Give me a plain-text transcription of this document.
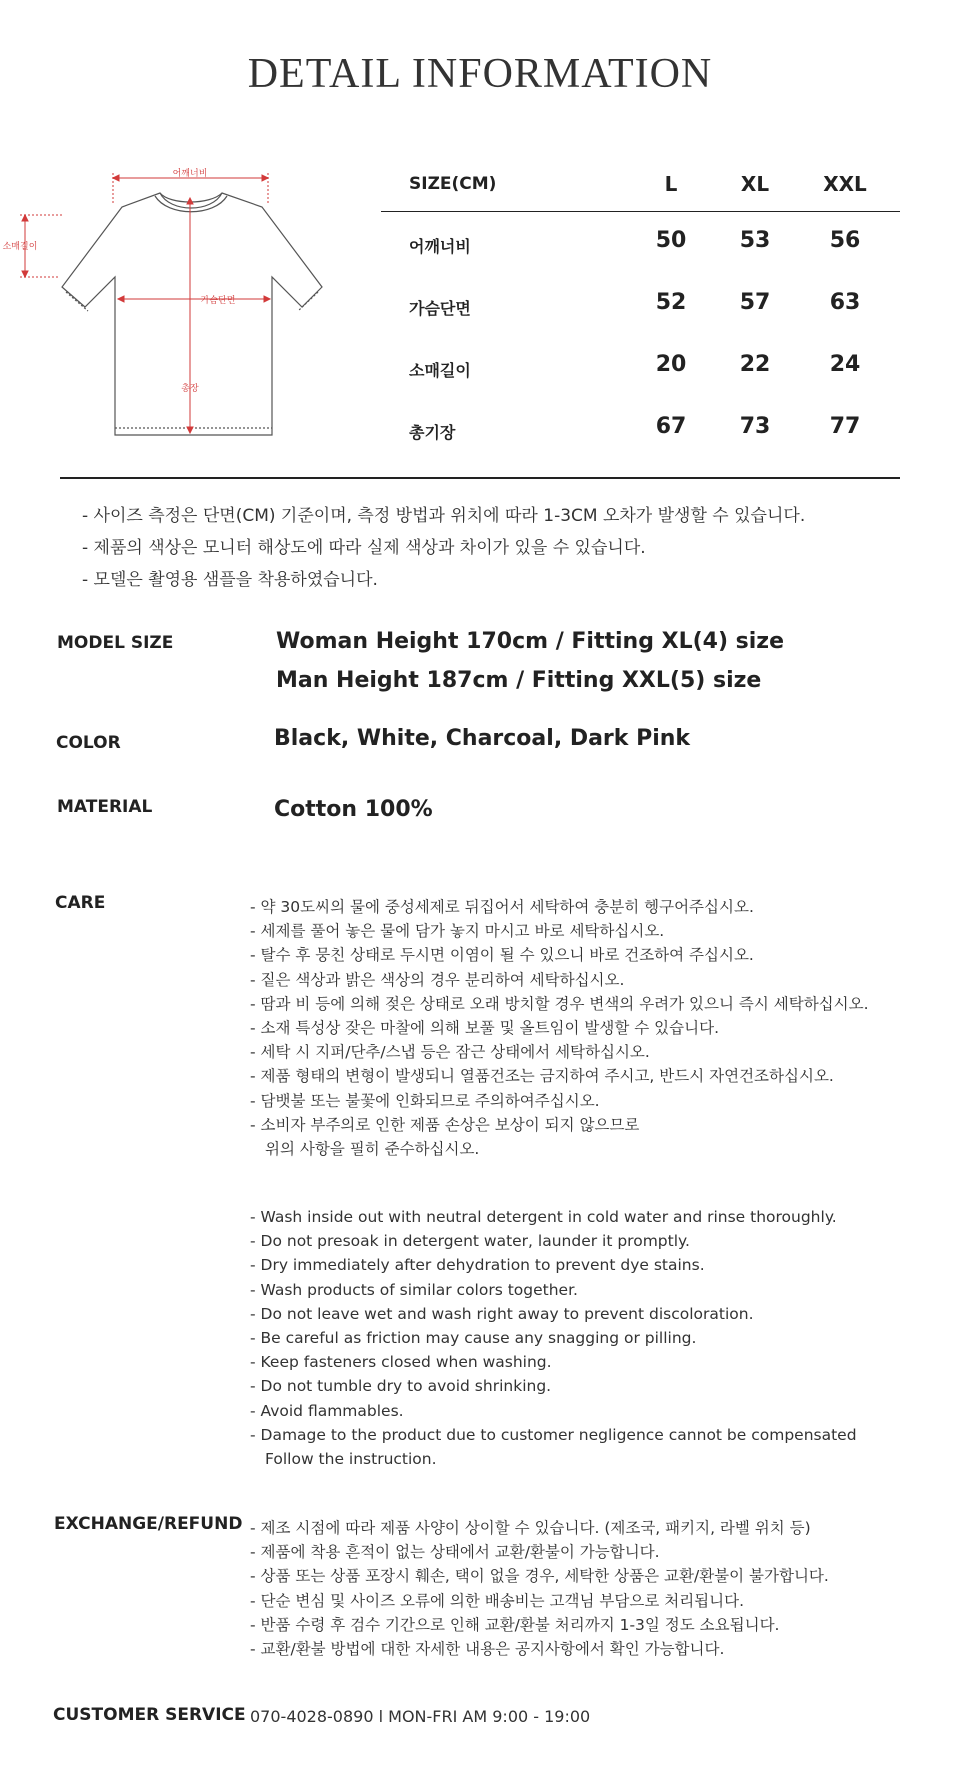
DETAIL INFORMATION
어깨너비
소매길이
가슴단면
총장
SIZE(CM)	L	XL	XXL
어깨너비	50	53	56
가슴단면	52	57	63
소매길이	20	22	24
총기장	67	73	77
- 사이즈 측정은 단면(CM) 기준이며, 측정 방법과 위치에 따라 1-3CM 오차가 발생할 수 있습니다.
- 제품의 색상은 모니터 해상도에 따라 실제 색상과 차이가 있을 수 있습니다.
- 모델은 촬영용 샘플을 착용하였습니다.
MODEL SIZE	Woman Height 170cm / Fitting XL(4) size
Man Height 187cm / Fitting XXL(5) size
COLOR	Black, White, Charcoal, Dark Pink
MATERIAL	Cotton 100%
CARE	- 약 30도씨의 물에 중성세제로 뒤집어서 세탁하여 충분히 헹구어주십시오.
- 세제를 풀어 놓은 물에 담가 놓지 마시고 바로 세탁하십시오.
- 탈수 후 뭉친 상태로 두시면 이염이 될 수 있으니 바로 건조하여 주십시오.
- 짙은 색상과 밝은 색상의 경우 분리하여 세탁하십시오.
- 땀과 비 등에 의해 젖은 상태로 오래 방치할 경우 변색의 우려가 있으니 즉시 세탁하십시오.
- 소재 특성상 잦은 마찰에 의해 보풀 및 올트임이 발생할 수 있습니다.
- 세탁 시 지퍼/단추/스냅 등은 잠근 상태에서 세탁하십시오.
- 제품 형태의 변형이 발생되니 열품건조는 금지하여 주시고, 반드시 자연건조하십시오.
- 담뱃불 또는 불꽃에 인화되므로 주의하여주십시오.
- 소비자 부주의로 인한 제품 손상은 보상이 되지 않으므로
위의 사항을 필히 준수하십시오.
- Wash inside out with neutral detergent in cold water and rinse thoroughly.
- Do not presoak in detergent water, launder it promptly.
- Dry immediately after dehydration to prevent dye stains.
- Wash products of similar colors together.
- Do not leave wet and wash right away to prevent discoloration.
- Be careful as friction may cause any snagging or pilling.
- Keep fasteners closed when washing.
- Do not tumble dry to avoid shrinking.
- Avoid flammables.
- Damage to the product due to customer negligence cannot be compensated
Follow the instruction.
EXCHANGE/REFUND - 제조 시점에 따라 제품 사양이 상이할 수 있습니다. (제조국, 패키지, 라벨 위치 등)
- 제품에 착용 흔적이 없는 상태에서 교환/환불이 가능합니다.
- 상품 또는 상품 포장시 훼손, 택이 없을 경우, 세탁한 상품은 교환/환불이 불가합니다.
- 단순 변심 및 사이즈 오류에 의한 배송비는 고객님 부담으로 처리됩니다.
- 반품 수령 후 검수 기간으로 인해 교환/환불 처리까지 1-3일 정도 소요됩니다.
- 교환/환불 방법에 대한 자세한 내용은 공지사항에서 확인 가능합니다.
CUSTOMER SERVICE 070-4028-0890 l MON-FRI AM 9:00 - 19:00
